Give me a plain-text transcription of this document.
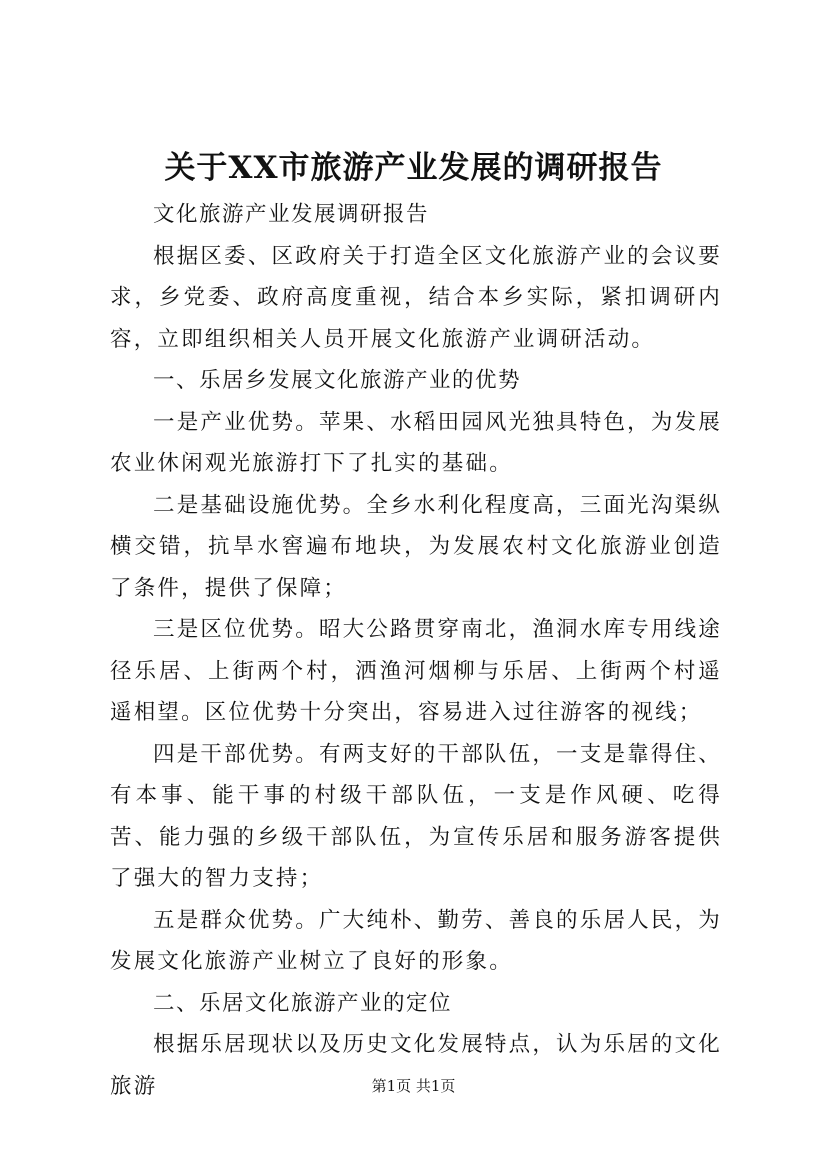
关于XX市旅游产业发展的调研报告

文化旅游产业发展调研报告

根据区委、区政府关于打造全区文化旅游产业的会议要求，乡党委、政府高度重视，结合本乡实际，紧扣调研内容，立即组织相关人员开展文化旅游产业调研活动。

一、乐居乡发展文化旅游产业的优势

一是产业优势。苹果、水稻田园风光独具特色，为发展农业休闲观光旅游打下了扎实的基础。

二是基础设施优势。全乡水利化程度高，三面光沟渠纵横交错，抗旱水窖遍布地块，为发展农村文化旅游业创造了条件，提供了保障；

三是区位优势。昭大公路贯穿南北，渔洞水库专用线途径乐居、上街两个村，洒渔河烟柳与乐居、上街两个村遥遥相望。区位优势十分突出，容易进入过往游客的视线；

四是干部优势。有两支好的干部队伍，一支是靠得住、有本事、能干事的村级干部队伍，一支是作风硬、吃得苦、能力强的乡级干部队伍，为宣传乐居和服务游客提供了强大的智力支持；

五是群众优势。广大纯朴、勤劳、善良的乐居人民，为发展文化旅游产业树立了良好的形象。

二、乐居文化旅游产业的定位

根据乐居现状以及历史文化发展特点，认为乐居的文化旅游	第1页 共1页
